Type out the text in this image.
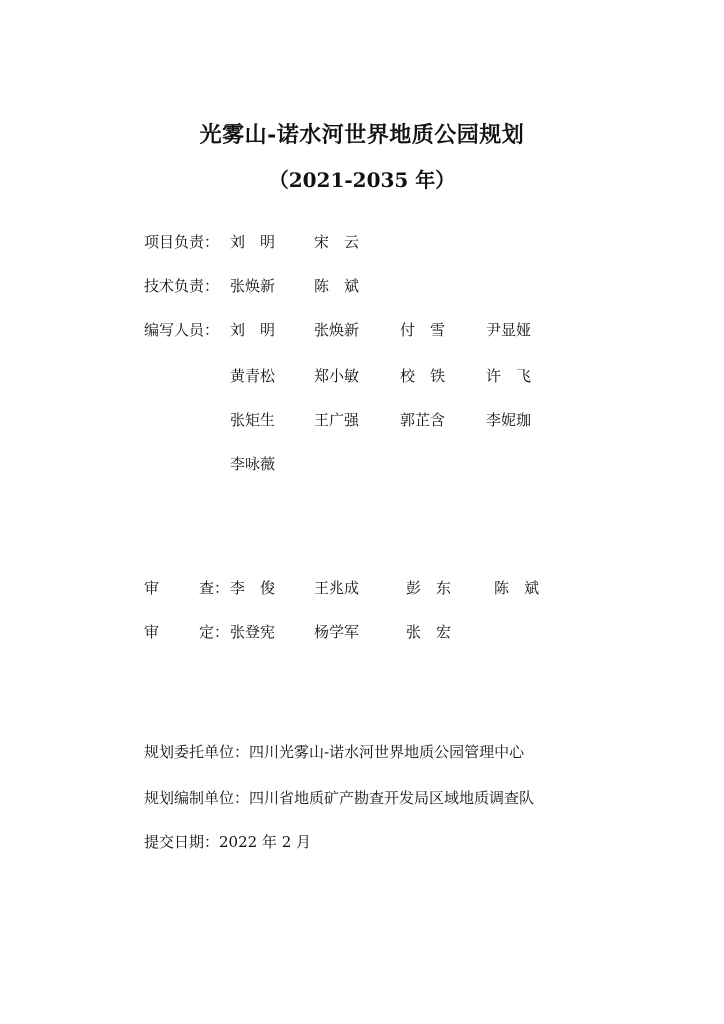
光雾山-诺水河世界地质公园规划
（2021-2035 年）
项目负责： 刘　明	宋　云
技术负责： 张焕新	陈　斌
编写人员： 刘　明	张焕新	付　雪	尹显娅
黄青松	郑小敏	校　铁	许　飞
张矩生	王广强	郭芷含	李妮珈
李咏薇
审	查： 李　俊	王兆成	彭　东	陈　斌
审	定： 张登宪	杨学军	张　宏
规划委托单位：四川光雾山-诺水河世界地质公园管理中心
规划编制单位：四川省地质矿产勘查开发局区域地质调查队
提交日期：2022 年 2 月
